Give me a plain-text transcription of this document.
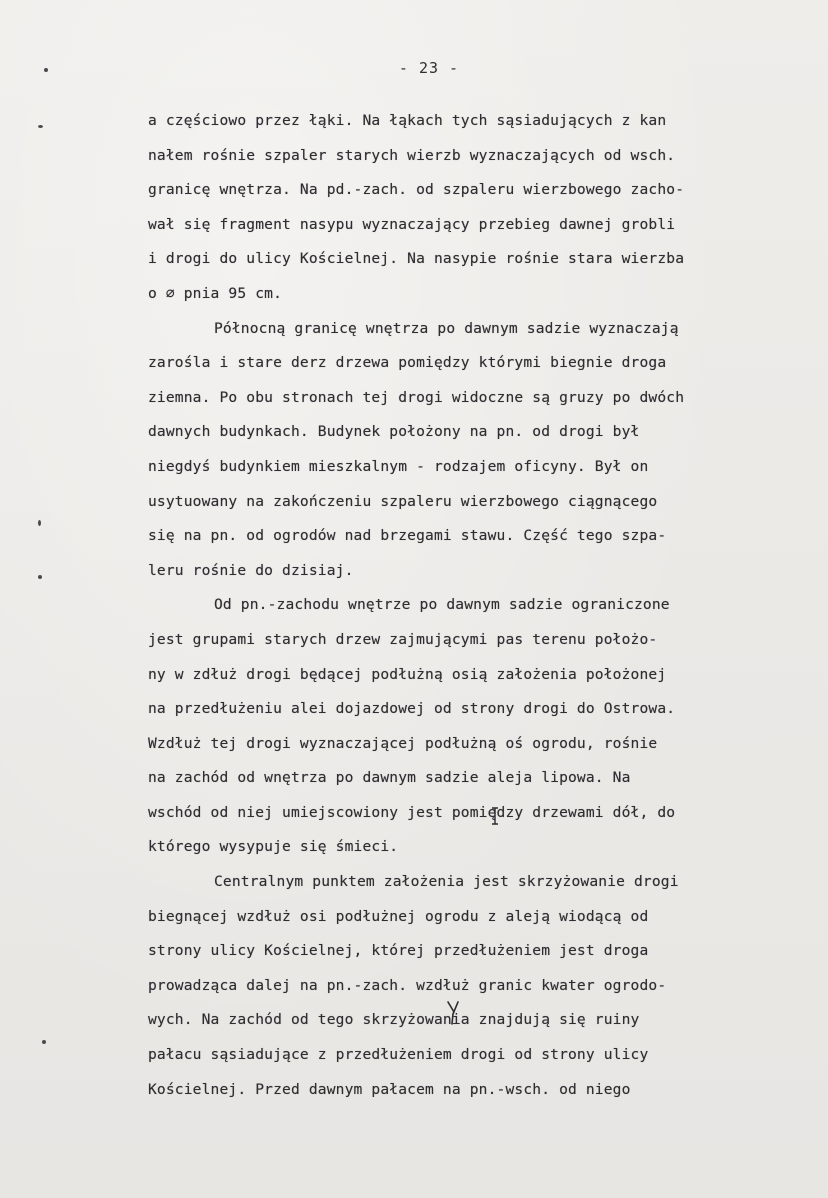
- 23 -
a częściowo przez łąki. Na łąkach tych sąsiadujących z kan
nałem rośnie szpaler starych wierzb wyznaczających od wsch.
granicę wnętrza. Na pd.-zach. od szpaleru wierzbowego zacho-
wał się fragment nasypu wyznaczający przebieg dawnej grobli
i drogi do ulicy Kościelnej. Na nasypie rośnie stara wierzba
o ⌀ pnia 95 cm.
Północną granicę wnętrza po dawnym sadzie wyznaczają
zarośla i stare derz drzewa pomiędzy którymi biegnie droga
ziemna. Po obu stronach tej drogi widoczne są gruzy po dwóch
dawnych budynkach. Budynek położony na pn. od drogi był
niegdyś budynkiem mieszkalnym - rodzajem oficyny. Był on
usytuowany na zakończeniu szpaleru wierzbowego ciągnącego
się na pn. od ogrodów nad brzegami stawu. Część tego szpa-
leru rośnie do dzisiaj.
Od pn.-zachodu wnętrze po dawnym sadzie ograniczone
jest grupami starych drzew zajmującymi pas terenu położo-
ny w zdłuż drogi będącej podłużną osią założenia położonej
na przedłużeniu alei dojazdowej od strony drogi do Ostrowa.
Wzdłuż tej drogi wyznaczającej podłużną oś ogrodu, rośnie
na zachód od wnętrza po dawnym sadzie aleja lipowa. Na
wschód od niej umiejscowiony jest pomiędzy drzewami dół, do
którego wysypuje się śmieci.
Centralnym punktem założenia jest skrzyżowanie drogi
biegnącej wzdłuż osi podłużnej ogrodu z aleją wiodącą od
strony ulicy Kościelnej, której przedłużeniem jest droga
prowadząca dalej na pn.-zach. wzdłuż granic kwater ogrodo-
wych. Na zachód od tego skrzyżowania znajdują się ruiny
pałacu sąsiadujące z przedłużeniem drogi od strony ulicy
Kościelnej. Przed dawnym pałacem na pn.-wsch. od niego
